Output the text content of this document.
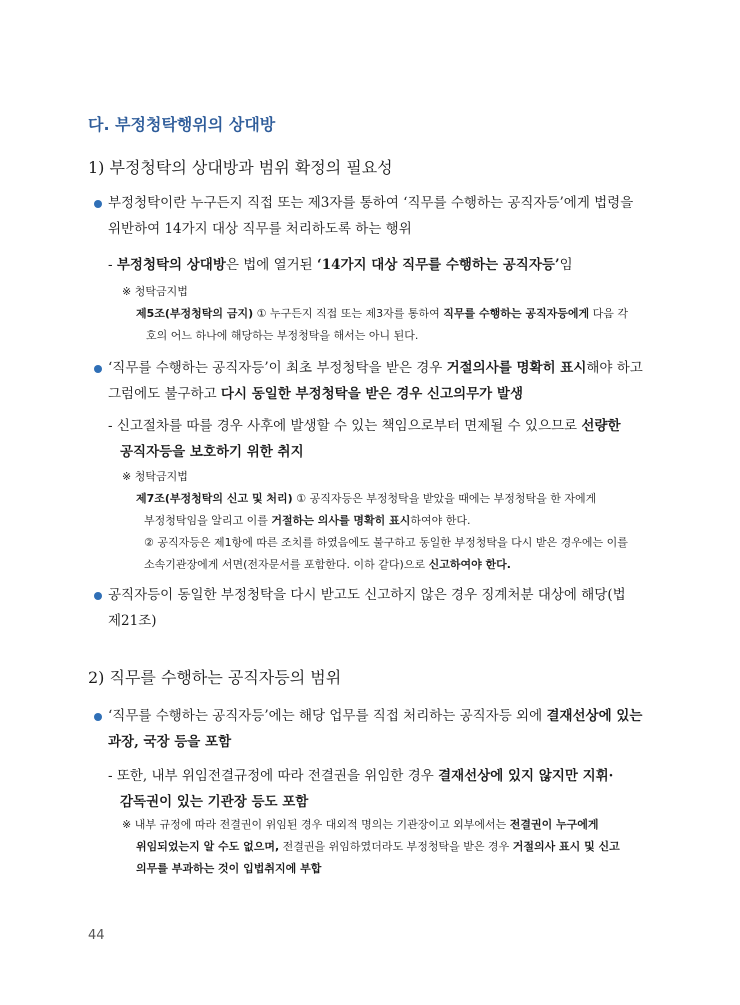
다. 부정청탁행위의 상대방
1) 부정청탁의 상대방과 범위 확정의 필요성
부정청탁이란 누구든지 직접 또는 제3자를 통하여 ‘직무를 수행하는 공직자등’에게 법령을
위반하여 14가지 대상 직무를 처리하도록 하는 행위
- 부정청탁의 상대방은 법에 열거된 ‘14가지 대상 직무를 수행하는 공직자등’임
※ 청탁금지법
제5조(부정청탁의 금지) ① 누구든지 직접 또는 제3자를 통하여 직무를 수행하는 공직자등에게 다음 각
호의 어느 하나에 해당하는 부정청탁을 해서는 아니 된다.
‘직무를 수행하는 공직자등’이 최초 부정청탁을 받은 경우 거절의사를 명확히 표시해야 하고
그럼에도 불구하고 다시 동일한 부정청탁을 받은 경우 신고의무가 발생
- 신고절차를 따를 경우 사후에 발생할 수 있는 책임으로부터 면제될 수 있으므로 선량한
공직자등을 보호하기 위한 취지
※ 청탁금지법
제7조(부정청탁의 신고 및 처리) ① 공직자등은 부정청탁을 받았을 때에는 부정청탁을 한 자에게
부정청탁임을 알리고 이를 거절하는 의사를 명확히 표시하여야 한다.
② 공직자등은 제1항에 따른 조치를 하였음에도 불구하고 동일한 부정청탁을 다시 받은 경우에는 이를
소속기관장에게 서면(전자문서를 포함한다. 이하 같다)으로 신고하여야 한다.
공직자등이 동일한 부정청탁을 다시 받고도 신고하지 않은 경우 징계처분 대상에 해당(법
제21조)
2) 직무를 수행하는 공직자등의 범위
‘직무를 수행하는 공직자등’에는 해당 업무를 직접 처리하는 공직자등 외에 결재선상에 있는
과장, 국장 등을 포함
- 또한, 내부 위임전결규정에 따라 전결권을 위임한 경우 결재선상에 있지 않지만 지휘·
감독권이 있는 기관장 등도 포함
※ 내부 규정에 따라 전결권이 위임된 경우 대외적 명의는 기관장이고 외부에서는 전결권이 누구에게
위임되었는지 알 수도 없으며, 전결권을 위임하였더라도 부정청탁을 받은 경우 거절의사 표시 및 신고
의무를 부과하는 것이 입법취지에 부합
44
